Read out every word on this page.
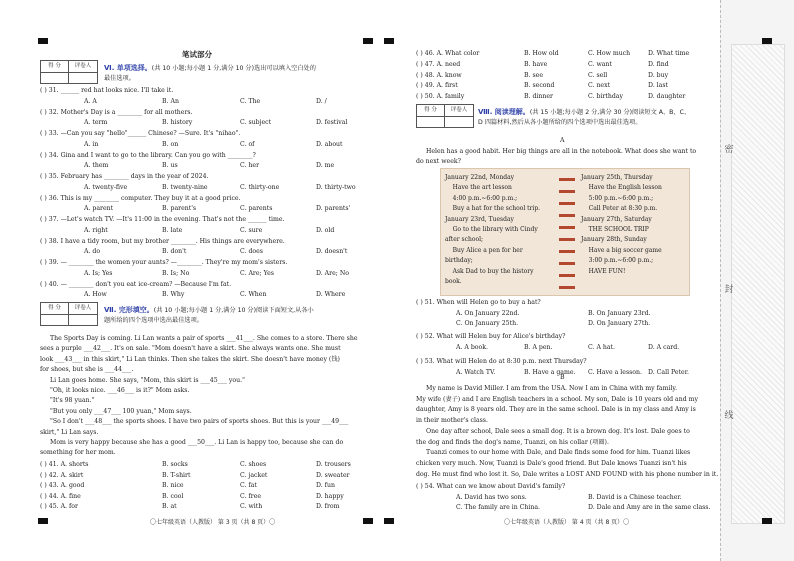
笔试部分
得 分	评卷人	Ⅵ. 单项选择。(共 10 小题;每小题 1 分,满分 10 分)选出可以填入空白处的
最佳选项。
( ) 31. ______ red hat looks nice. I'll take it.
A. A	B. An	C. The	D. /
( ) 32. Mother's Day is a ________ for all mothers.
A. term	B. history	C. subject	D. festival
( ) 33. —Can you say "hello"______ Chinese? —Sure. It's "nihao".
A. in	B. on	C. of	D. about
( ) 34. Gina and I want to go to the library. Can you go with ________?
A. them	B. us	C. her	D. me
( ) 35. February has ________ days in the year of 2024.
A. twenty-five	B. twenty-nine	C. thirty-one	D. thirty-two
( ) 36. This is my ________ computer. They buy it at a good price.
A. parent	B. parent's	C. parents	D. parents'
( ) 37. —Let's watch TV. —It's 11:00 in the evening. That's not the ______ time.
A. right	B. late	C. sure	D. old
( ) 38. I have a tidy room, but my brother ________. His things are everywhere.
A. do	B. don't	C. does	D. doesn't
( ) 39. — ________ the women your aunts? —________. They're my mom's sisters.
A. Is; Yes	B. Is; No	C. Are; Yes	D. Are; No
( ) 40. — ________ don't you eat ice-cream? —Because I'm fat.
A. How	B. Why	C. When	D. Where
得 分	评卷人	Ⅶ. 完形填空。(共 10 小题;每小题 1 分,满分 10 分)阅读下面短文,从各小
题所给的四个选项中选出最佳选项。
The Sports Day is coming. Li Lan wants a pair of sports ___41___. She comes to a store. There she
sees a purple ___42___. It's on sale. "Mom doesn't have a skirt. She always wants one. She must
look ___43___ in this skirt," Li Lan thinks. Then she takes the skirt. She doesn't have money (钱)
for shoes, but she is ___44___.
Li Lan goes home. She says, "Mom, this skirt is ___45___ you."
"Oh, it looks nice. ___46___ is it?" Mom asks.
"It's 98 yuan."
"But you only ___47___ 100 yuan," Mom says.
"So I don't ___48___ the sports shoes. I have two pairs of sports shoes. But this is your ___49___
skirt," Li Lan says.
Mom is very happy because she has a good ___50___. Li Lan is happy too, because she can do
something for her mom.
( ) 41. A. shorts	B. socks	C. shoes	D. trousers
( ) 42. A. skirt	B. T-shirt	C. jacket	D. sweater
( ) 43. A. good	B. nice	C. fat	D. fun
( ) 44. A. fine	B. cool	C. free	D. happy
( ) 45. A. for	B. at	C. with	D. from
〇七年级英语（人教版） 第 3 页（共 8 页）〇
( ) 46. A. What color	B. How old	C. How much	D. What time
( ) 47. A. need	B. have	C. want	D. find
( ) 48. A. know	B. see	C. sell	D. buy
( ) 49. A. first	B. second	C. next	D. last
( ) 50. A. family	B. dinner	C. birthday	D. daughter
得 分	评卷人	Ⅷ. 阅读理解。(共 15 小题;每小题 2 分,满分 30 分)阅读短文 A、B、C、
D 四篇材料,然后从各小题所给的四个选项中选出最佳选项。
A
Helen has a good habit. Her big things are all in the notebook. What does she want to
do next week?
January 22nd, Monday
Have the art lesson
4:00 p.m.~6:00 p.m.;
Buy a hat for the school trip.
January 23rd, Tuesday
Go to the library with Cindy
after school;
Buy Alice a pen for her
birthday;
Ask Dad to buy the history
book.
January 25th, Thursday
Have the English lesson
5:00 p.m.~6:00 p.m.;
Call Peter at 8:30 p.m.
January 27th, Saturday
THE SCHOOL TRIP
January 28th, Sunday
Have a big soccer game
3:00 p.m.~6:00 p.m.;
HAVE FUN!
( ) 51. When will Helen go to buy a hat?
A. On January 22nd.	B. On January 23rd.
C. On January 25th.	D. On January 27th.
( ) 52. What will Helen buy for Alice's birthday?
A. A book.	B. A pen.	C. A hat.	D. A card.
( ) 53. What will Helen do at 8:30 p.m. next Thursday?
A. Watch TV.	B. Have a game. C. Have a lesson. D. Call Peter.
B
My name is David Miller. I am from the USA. Now I am in China with my family.
My wife (妻子) and I are English teachers in a school. My son, Dale is 10 years old and my
daughter, Amy is 8 years old. They are in the same school. Dale is in my class and Amy is
in their mother's class.
One day after school, Dale sees a small dog. It is a brown dog. It's lost. Dale goes to
the dog and finds the dog's name, Tuanzi, on his collar (项圈).
Tuanzi comes to our home with Dale, and Dale finds some food for him. Tuanzi likes
chicken very much. Now, Tuanzi is Dale's good friend. But Dale knows Tuanzi isn't his
dog. He must find who lost it. So, Dale writes a LOST AND FOUND with his phone number in it.
( ) 54. What can we know about David's family?
A. David has two sons.	B. David is a Chinese teacher.
C. The family are in China.	D. Dale and Amy are in the same class.
〇七年级英语（人教版） 第 4 页（共 8 页）〇
密
封
线
